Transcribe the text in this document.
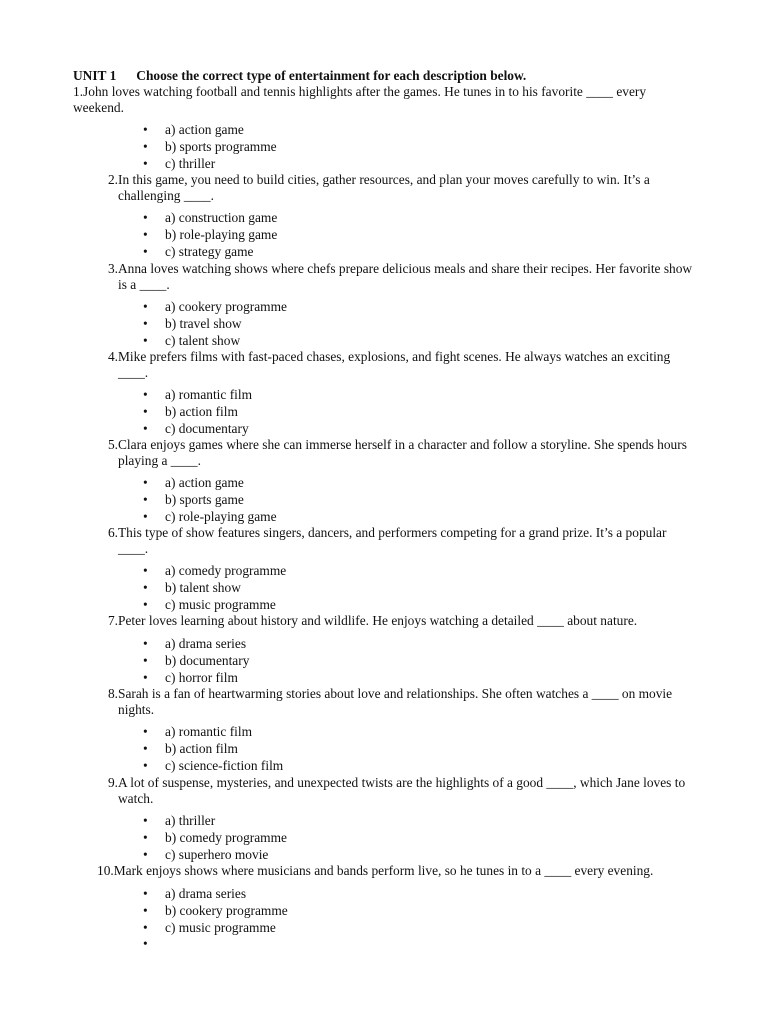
UNIT 1 Choose the correct type of entertainment for each description below.
1.John loves watching football and tennis highlights after the games. He tunes in to his favorite ____ every weekend.
• a) action game
• b) sports programme
• c) thriller
2. In this game, you need to build cities, gather resources, and plan your moves carefully to win. It’s a challenging ____.
• a) construction game
• b) role-playing game
• c) strategy game
3. Anna loves watching shows where chefs prepare delicious meals and share their recipes. Her favorite show is a ____.
• a) cookery programme
• b) travel show
• c) talent show
4. Mike prefers films with fast-paced chases, explosions, and fight scenes. He always watches an exciting ____.
• a) romantic film
• b) action film
• c) documentary
5. Clara enjoys games where she can immerse herself in a character and follow a storyline. She spends hours playing a ____.
• a) action game
• b) sports game
• c) role-playing game
6. This type of show features singers, dancers, and performers competing for a grand prize. It’s a popular ____.
• a) comedy programme
• b) talent show
• c) music programme
7. Peter loves learning about history and wildlife. He enjoys watching a detailed ____ about nature.
• a) drama series
• b) documentary
• c) horror film
8. Sarah is a fan of heartwarming stories about love and relationships. She often watches a ____ on movie nights.
• a) romantic film
• b) action film
• c) science-fiction film
9. A lot of suspense, mysteries, and unexpected twists are the highlights of a good ____, which Jane loves to watch.
• a) thriller
• b) comedy programme
• c) superhero movie
10.Mark enjoys shows where musicians and bands perform live, so he tunes in to a ____ every evening.
• a) drama series
• b) cookery programme
• c) music programme
•
